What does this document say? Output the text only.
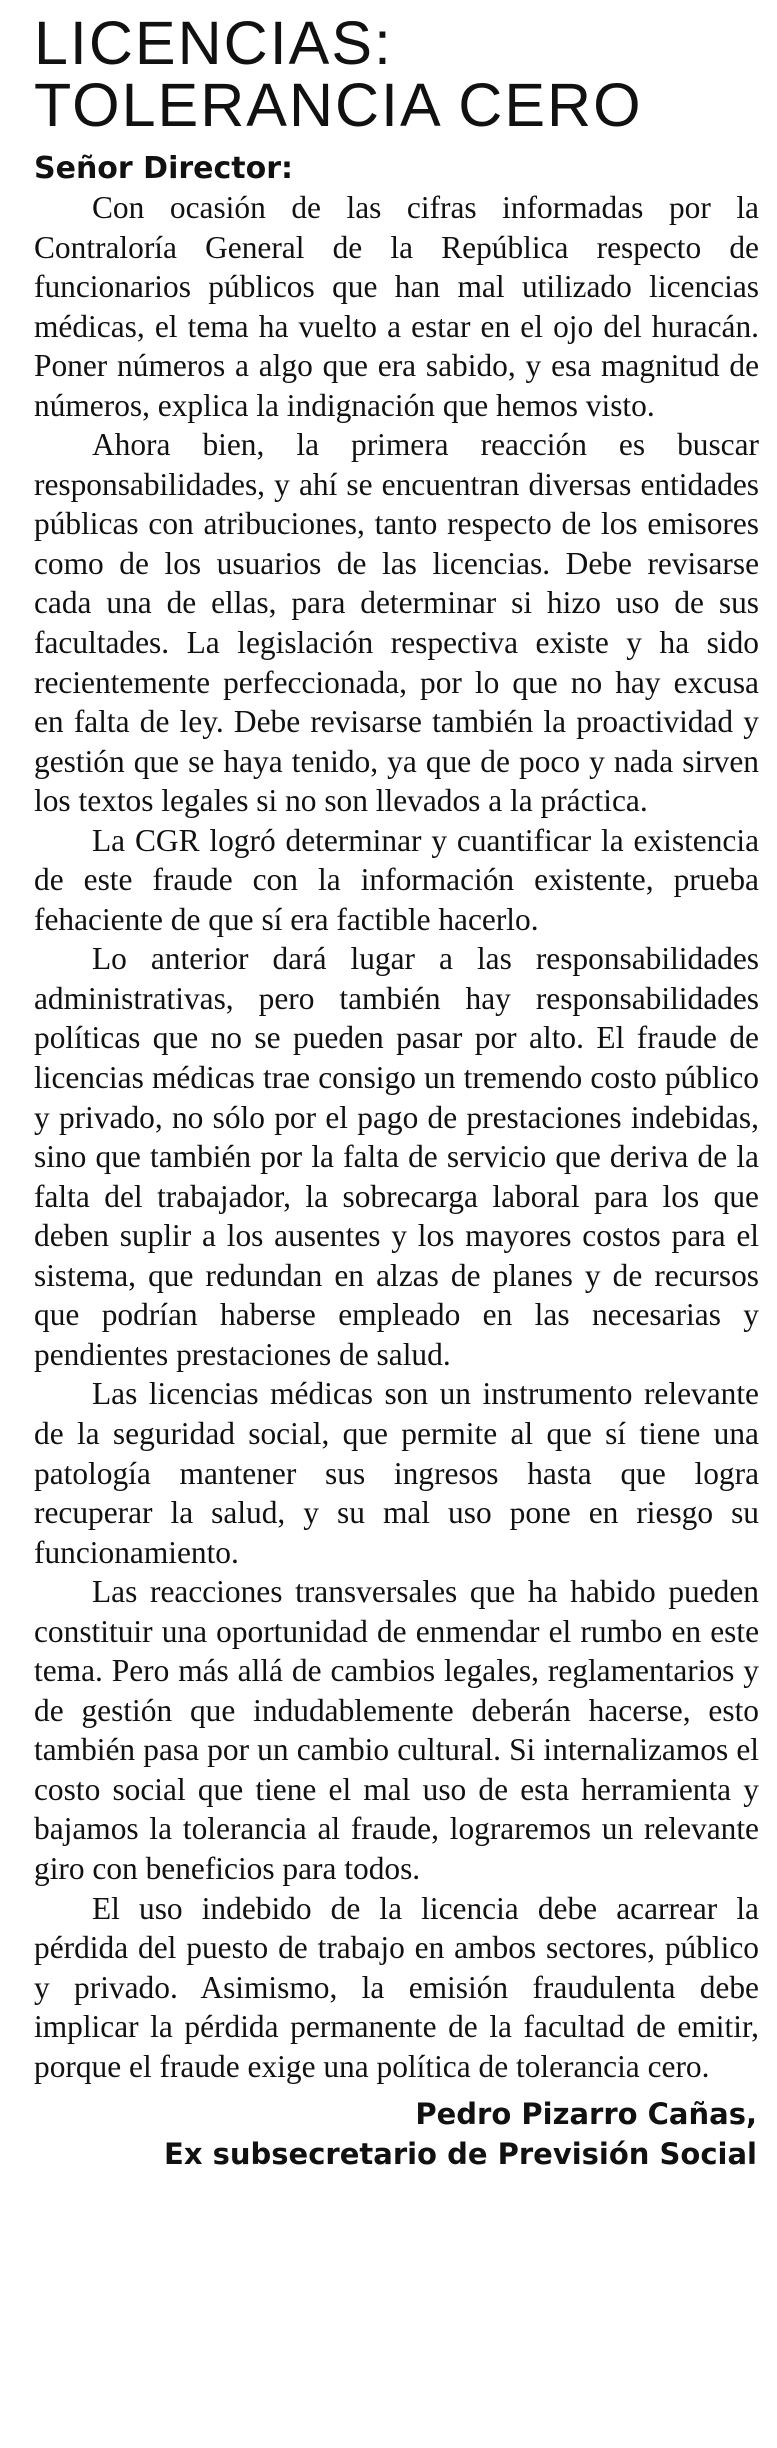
LICENCIAS: TOLERANCIA CERO
Señor Director:

Con ocasión de las cifras informadas por la Contraloría General de la República respecto de funcionarios públicos que han mal utilizado licencias médicas, el tema ha vuelto a estar en el ojo del huracán. Poner números a algo que era sabido, y esa magnitud de números, explica la indignación que hemos visto.

Ahora bien, la primera reacción es buscar responsabilidades, y ahí se encuentran diversas entidades públicas con atribuciones, tanto respecto de los emisores como de los usuarios de las licencias. Debe revisarse cada una de ellas, para determinar si hizo uso de sus facultades. La legislación respectiva existe y ha sido recientemente perfeccionada, por lo que no hay excusa en falta de ley. Debe revisarse también la proactividad y gestión que se haya tenido, ya que de poco y nada sirven los textos legales si no son llevados a la práctica.

La CGR logró determinar y cuantificar la existencia de este fraude con la información existente, prueba fehaciente de que sí era factible hacerlo.

Lo anterior dará lugar a las responsabilidades administrativas, pero también hay responsabilidades políticas que no se pueden pasar por alto. El fraude de licencias médicas trae consigo un tremendo costo público y privado, no sólo por el pago de prestaciones indebidas, sino que también por la falta de servicio que deriva de la falta del trabajador, la sobrecarga laboral para los que deben suplir a los ausentes y los mayores costos para el sistema, que redundan en alzas de planes y de recursos que podrían haberse empleado en las necesarias y pendientes prestaciones de salud.

Las licencias médicas son un instrumento relevante de la seguridad social, que permite al que sí tiene una patología mantener sus ingresos hasta que logra recuperar la salud, y su mal uso pone en riesgo su funcionamiento.

Las reacciones transversales que ha habido pueden constituir una oportunidad de enmendar el rumbo en este tema. Pero más allá de cambios legales, reglamentarios y de gestión que indudablemente deberán hacerse, esto también pasa por un cambio cultural. Si internalizamos el costo social que tiene el mal uso de esta herramienta y bajamos la tolerancia al fraude, lograremos un relevante giro con beneficios para todos.

El uso indebido de la licencia debe acarrear la pérdida del puesto de trabajo en ambos sectores, público y privado. Asimismo, la emisión fraudulenta debe implicar la pérdida permanente de la facultad de emitir, porque el fraude exige una política de tolerancia cero.

Pedro Pizarro Cañas,
Ex subsecretario de Previsión Social
